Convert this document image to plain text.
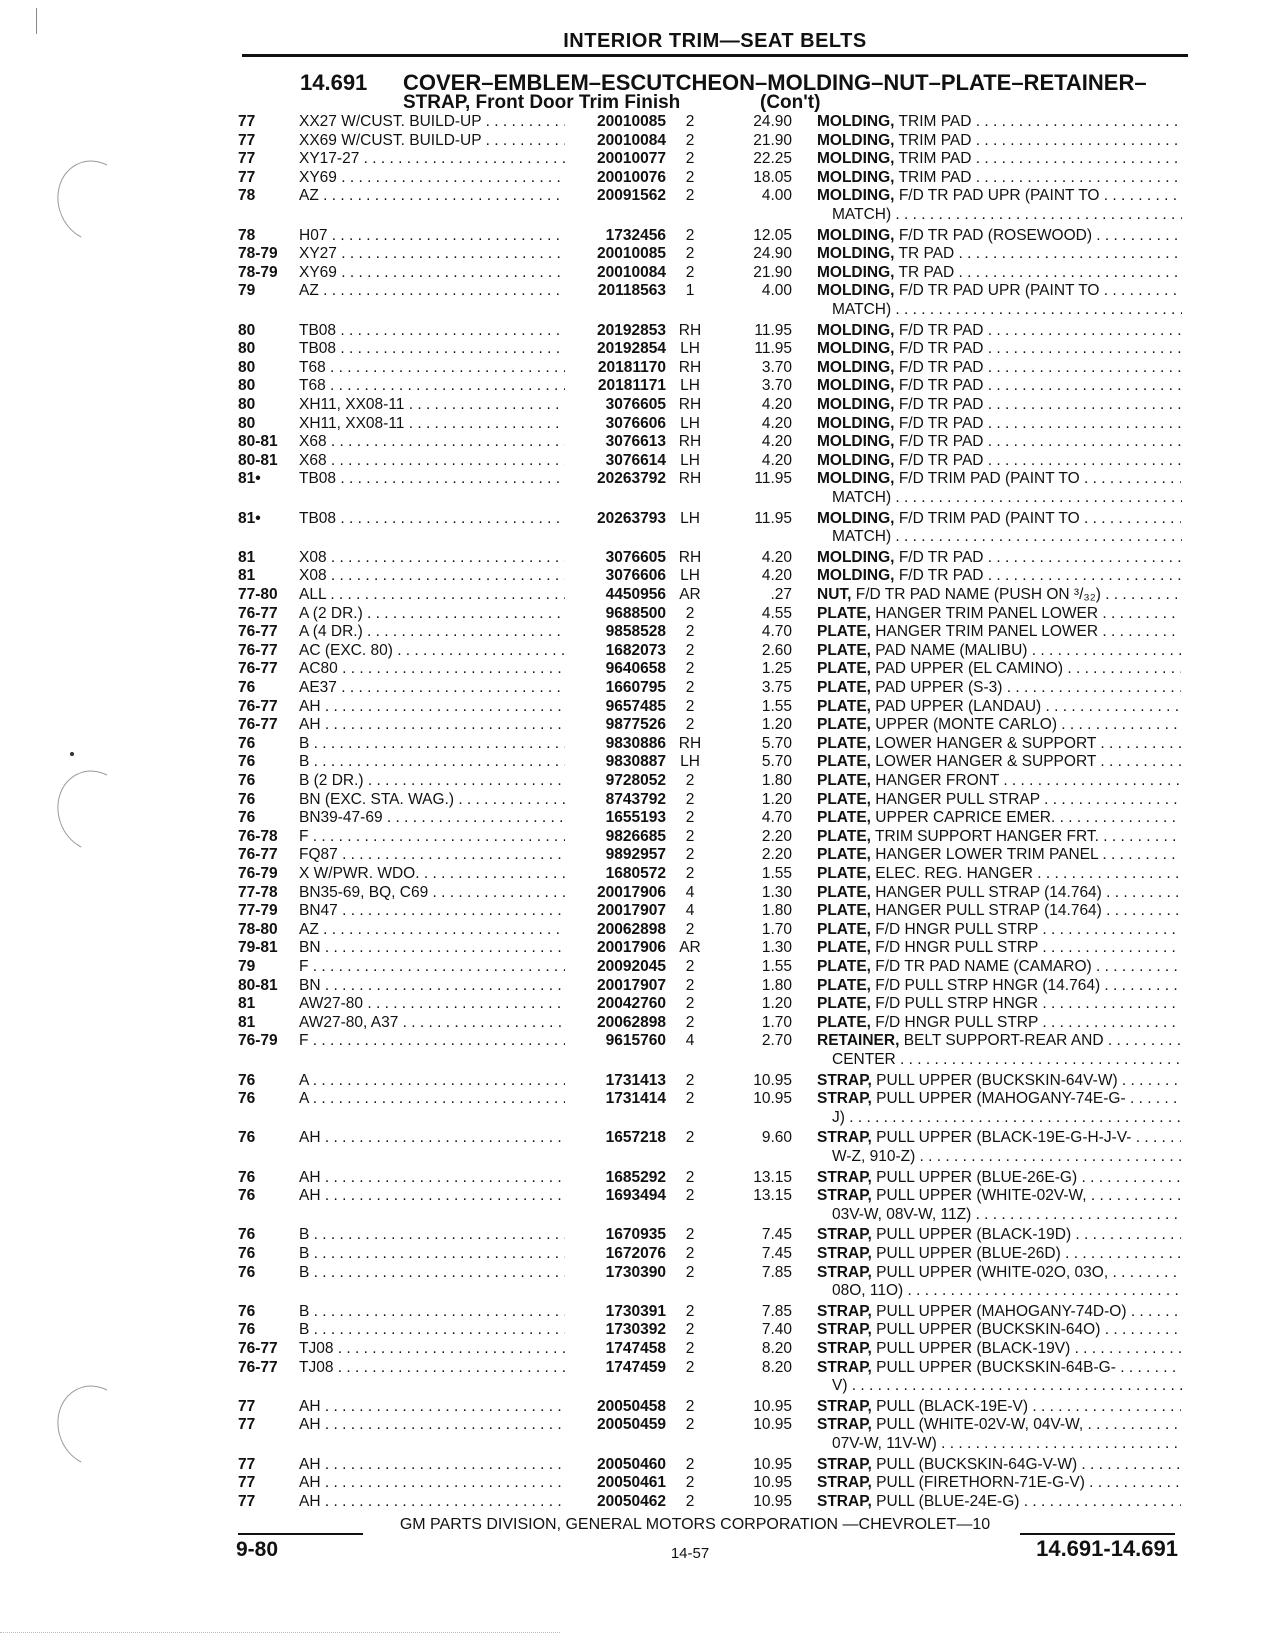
INTERIOR TRIM—SEAT BELTS
14.691 COVER–EMBLEM–ESCUTCHEON–MOLDING–NUT–PLATE–RETAINER–
STRAP, Front Door Trim Finish	(Con't)
77	XX27 W/CUST. BUILD-UP . . .	20010085	2	24.90 MOLDING, TRIM PAD . . .
77	XX69 W/CUST. BUILD-UP . . .	20010084	2	21.90 MOLDING, TRIM PAD . . .
77	XY17-27 . . .	20010077	2	22.25 MOLDING, TRIM PAD . . .
77	XY69 . . .	20010076	2	18.05 MOLDING, TRIM PAD . . .
78	AZ . . .	20091562	2	4.00 MOLDING, F/D TR PAD UPR (PAINT TO . . .
MATCH) . . .
78	H07 . . .	1732456	2	12.05 MOLDING, F/D TR PAD (ROSEWOOD) . . .
78-79	XY27 . . .	20010085	2	24.90 MOLDING, TR PAD . . .
78-79	XY69 . . .	20010084	2	21.90 MOLDING, TR PAD . . .
79	AZ . . .	20118563	1	4.00 MOLDING, F/D TR PAD UPR (PAINT TO . . .
MATCH) . . .
80	TB08 . . .	20192853 RH	11.95 MOLDING, F/D TR PAD . . .
80	TB08 . . .	20192854 LH	11.95 MOLDING, F/D TR PAD . . .
80	T68 . . .	20181170 RH	3.70 MOLDING, F/D TR PAD . . .
80	T68 . . .	20181171 LH	3.70 MOLDING, F/D TR PAD . . .
80	XH11, XX08-11 . . .	3076605 RH	4.20 MOLDING, F/D TR PAD . . .
80	XH11, XX08-11 . . .	3076606 LH	4.20 MOLDING, F/D TR PAD . . .
80-81	X68 . . .	3076613 RH	4.20 MOLDING, F/D TR PAD . . .
80-81	X68 . . .	3076614 LH	4.20 MOLDING, F/D TR PAD . . .
81•	TB08 . . .	20263792 RH	11.95 MOLDING, F/D TRIM PAD (PAINT TO . . .
MATCH) . . .
81•	TB08 . . .	20263793 LH	11.95 MOLDING, F/D TRIM PAD (PAINT TO . . .
MATCH) . . .
81	X08 . . .	3076605 RH	4.20 MOLDING, F/D TR PAD . . .
81	X08 . . .	3076606 LH	4.20 MOLDING, F/D TR PAD . . .
77-80	ALL . . .	4450956 AR	.27 NUT, F/D TR PAD NAME (PUSH ON ³/₃₂) . . .
76-77	A (2 DR.) . . .	9688500	2	4.55 PLATE, HANGER TRIM PANEL LOWER . . .
76-77	A (4 DR.) . . .	9858528	2	4.70 PLATE, HANGER TRIM PANEL LOWER . . .
76-77	AC (EXC. 80) . . .	1682073	2	2.60 PLATE, PAD NAME (MALIBU) . . .
76-77	AC80 . . .	9640658	2	1.25 PLATE, PAD UPPER (EL CAMINO) . . .
76	AE37 . . .	1660795	2	3.75 PLATE, PAD UPPER (S-3) . . .
76-77	AH . . .	9657485	2	1.55 PLATE, PAD UPPER (LANDAU) . . .
76-77	AH . . .	9877526	2	1.20 PLATE, UPPER (MONTE CARLO) . . .
76	B . . .	9830886 RH	5.70 PLATE, LOWER HANGER & SUPPORT . . .
76	B . . .	9830887 LH	5.70 PLATE, LOWER HANGER & SUPPORT . . .
76	B (2 DR.) . . .	9728052	2	1.80 PLATE, HANGER FRONT . . .
76	BN (EXC. STA. WAG.) . . .	8743792	2	1.20 PLATE, HANGER PULL STRAP . . .
76	BN39-47-69 . . .	1655193	2	4.70 PLATE, UPPER CAPRICE EMER. . . .
76-78	F . . .	9826685	2	2.20 PLATE, TRIM SUPPORT HANGER FRT. . . .
76-77	FQ87 . . .	9892957	2	2.20 PLATE, HANGER LOWER TRIM PANEL . . .
76-79	X W/PWR. WDO. . . .	1680572	2	1.55 PLATE, ELEC. REG. HANGER . . .
77-78	BN35-69, BQ, C69 . . .	20017906	4	1.30 PLATE, HANGER PULL STRAP (14.764) . . .
77-79	BN47 . . .	20017907	4	1.80 PLATE, HANGER PULL STRAP (14.764) . . .
78-80	AZ . . .	20062898	2	1.70 PLATE, F/D HNGR PULL STRP . . .
79-81	BN . . .	20017906 AR	1.30 PLATE, F/D HNGR PULL STRP . . .
79	F . . .	20092045	2	1.55 PLATE, F/D TR PAD NAME (CAMARO) . . .
80-81	BN . . .	20017907	2	1.80 PLATE, F/D PULL STRP HNGR (14.764) . . .
81	AW27-80 . . .	20042760	2	1.20 PLATE, F/D PULL STRP HNGR . . .
81	AW27-80, A37 . . .	20062898	2	1.70 PLATE, F/D HNGR PULL STRP . . .
76-79	F . . .	9615760	4	2.70 RETAINER, BELT SUPPORT-REAR AND . . .
CENTER . . .
76	A . . .	1731413	2	10.95 STRAP, PULL UPPER (BUCKSKIN-64V-W) . . .
76	A . . .	1731414	2	10.95 STRAP, PULL UPPER (MAHOGANY-74E-G- . . .
J) . . .
76	AH . . .	1657218	2	9.60 STRAP, PULL UPPER (BLACK-19E-G-H-J-V- . . .
W-Z, 910-Z) . . .
76	AH . . .	1685292	2	13.15 STRAP, PULL UPPER (BLUE-26E-G) . . .
76	AH . . .	1693494	2	13.15 STRAP, PULL UPPER (WHITE-02V-W, . . .
03V-W, 08V-W, 11Z) . . .
76	B . . .	1670935	2	7.45 STRAP, PULL UPPER (BLACK-19D) . . .
76	B . . .	1672076	2	7.45 STRAP, PULL UPPER (BLUE-26D) . . .
76	B . . .	1730390	2	7.85 STRAP, PULL UPPER (WHITE-02O, 03O, . . .
08O, 11O) . . .
76	B . . .	1730391	2	7.85 STRAP, PULL UPPER (MAHOGANY-74D-O) . . .
76	B . . .	1730392	2	7.40 STRAP, PULL UPPER (BUCKSKIN-64O) . . .
76-77	TJ08 . . .	1747458	2	8.20 STRAP, PULL UPPER (BLACK-19V) . . .
76-77	TJ08 . . .	1747459	2	8.20 STRAP, PULL UPPER (BUCKSKIN-64B-G- . . .
V) . . .
77	AH . . .	20050458	2	10.95 STRAP, PULL (BLACK-19E-V) . . .
77	AH . . .	20050459	2	10.95 STRAP, PULL (WHITE-02V-W, 04V-W, . . .
07V-W, 11V-W) . . .
77	AH . . .	20050460	2	10.95 STRAP, PULL (BUCKSKIN-64G-V-W) . . .
77	AH . . .	20050461	2	10.95 STRAP, PULL (FIRETHORN-71E-G-V) . . .
77	AH . . .	20050462	2	10.95 STRAP, PULL (BLUE-24E-G) . . .
GM PARTS DIVISION, GENERAL MOTORS CORPORATION —CHEVROLET—10
9-80	14-57	14.691-14.691
